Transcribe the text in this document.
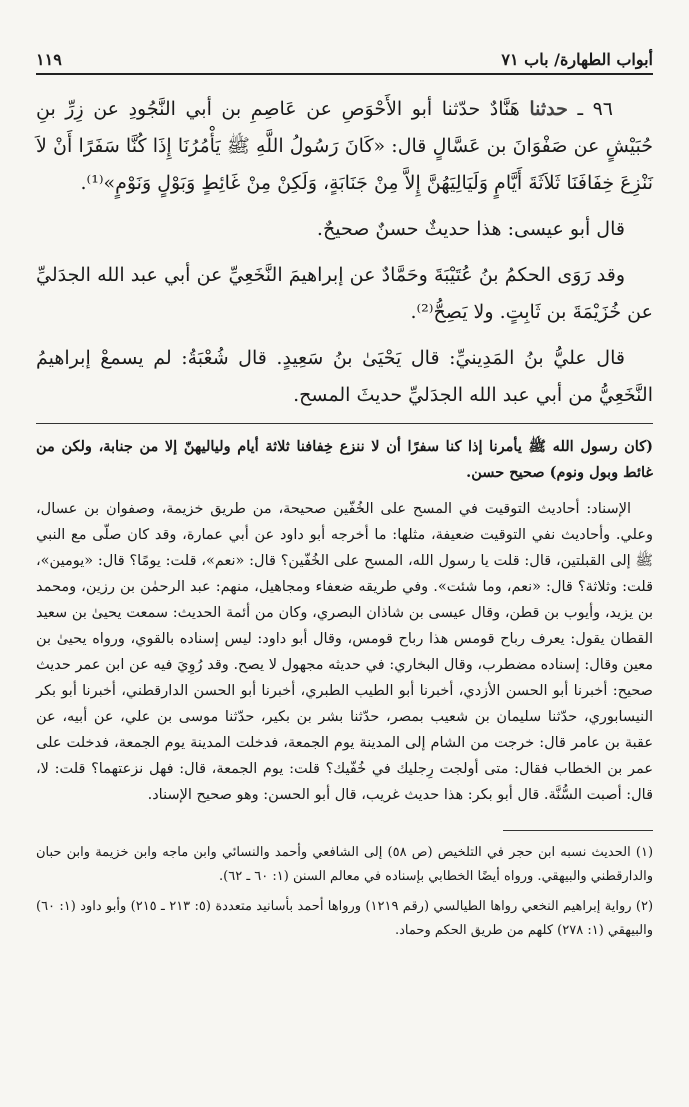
أبواب الطهارة/ باب ٧١
١١٩

٩٦ ـ حدثنا هَنَّادٌ حدّثنا أبو الأَحْوَصِ عن عَاصِمِ بن أبي النَّجُودِ عن زِرِّ بنِ حُبَيْشٍ عن صَفْوَانَ بن عَسَّالٍ قال: «كَانَ رَسُولُ اللَّهِ ﷺ يَأْمُرُنَا إِذَا كُنَّا سَفَرًا أَنْ لاَ نَنْزِعَ خِفَافَنَا ثَلاَثَةَ أَيَّامٍ وَلَيَالِيَهُنَّ إِلاَّ مِنْ جَنَابَةٍ، وَلَكِنْ مِنْ غَائِطٍ وَبَوْلٍ وَنَوْمٍ»⁽¹⁾.

قال أبو عيسى: هذا حديثٌ حسنٌ صحيحٌ.

وقد رَوَى الحكمُ بنُ عُتَيْبَةَ وحَمَّادٌ عن إبراهيمَ النَّخَعِيِّ عن أبي عبد الله الجدَليِّ عن خُزَيْمَةَ بن ثَابِتٍ. ولا يَصِحُّ⁽²⁾.

قال عليُّ بنُ المَدِينيِّ: قال يَحْيَىٰ بنُ سَعِيدٍ. قال شُعْبَةُ: لم يسمعْ إبراهيمُ النَّخَعِيُّ من أبي عبد الله الجدَليِّ حديثَ المسح.

(كان رسول الله ﷺ يأمرنا إذا كنا سفرًا أن لا ننزع خِفافنا ثلاثة أيام ولياليهنّ إلا من جنابة، ولكن من غائط وبول ونوم) صحيح حسن.

الإسناد: أحاديث التوقيت في المسح على الخُفّين صحيحة، من طريق خزيمة، وصفوان بن عسال، وعلي. وأحاديث نفي التوقيت ضعيفة، مثلها: ما أخرجه أبو داود عن أبي عمارة، وقد كان صلّى مع النبي ﷺ إلى القبلتين، قال: قلت يا رسول الله، المسح على الخُفّين؟ قال: «نعم»، قلت: يومًا؟ قال: «يومين»، قلت: وثلاثة؟ قال: «نعم، وما شئت». وفي طريقه ضعفاء ومجاهيل، منهم: عبد الرحمٰن بن رزين، ومحمد بن يزيد، وأيوب بن قطن، وقال عيسى بن شاذان البصري، وكان من أئمة الحديث: سمعت يحيىٰ بن سعيد القطان يقول: يعرف رباح قومس هذا رباح قومس، وقال أبو داود: ليس إسناده بالقوي، ورواه يحيىٰ بن معين وقال: إسناده مضطرب، وقال البخاري: في حديثه مجهول لا يصح. وقد رُوِيَ فيه عن ابن عمر حديث صحيح: أخبرنا أبو الحسن الأزدي، أخبرنا أبو الطيب الطبري، أخبرنا أبو الحسن الدارقطني، أخبرنا أبو بكر النيسابوري، حدّثنا سليمان بن شعيب بمصر، حدّثنا بشر بن بكير، حدّثنا موسى بن علي، عن أبيه، عن عقبة بن عامر قال: خرجت من الشام إلى المدينة يوم الجمعة، فدخلت المدينة يوم الجمعة، فدخلت على عمر بن الخطاب فقال: متى أولجت رِجليك في خُفّيك؟ قلت: يوم الجمعة، قال: فهل نزعتهما؟ قلت: لا، قال: أصبت السُّنَّة. قال أبو بكر: هذا حديث غريب، قال أبو الحسن: وهو صحيح الإسناد.

(١) الحديث نسبه ابن حجر في التلخيص (ص ٥٨) إلى الشافعي وأحمد والنسائي وابن ماجه وابن خزيمة وابن حبان والدارقطني والبيهقي. ورواه أيضًا الخطابي بإسناده في معالم السنن (١: ٦٠ ـ ٦٢).

(٢) رواية إبراهيم النخعي رواها الطيالسي (رقم ١٢١٩) ورواها أحمد بأسانيد متعددة (٥: ٢١٣ ـ ٢١٥) وأبو داود (١: ٦٠) والبيهقي (١: ٢٧٨) كلهم من طريق الحكم وحماد.
